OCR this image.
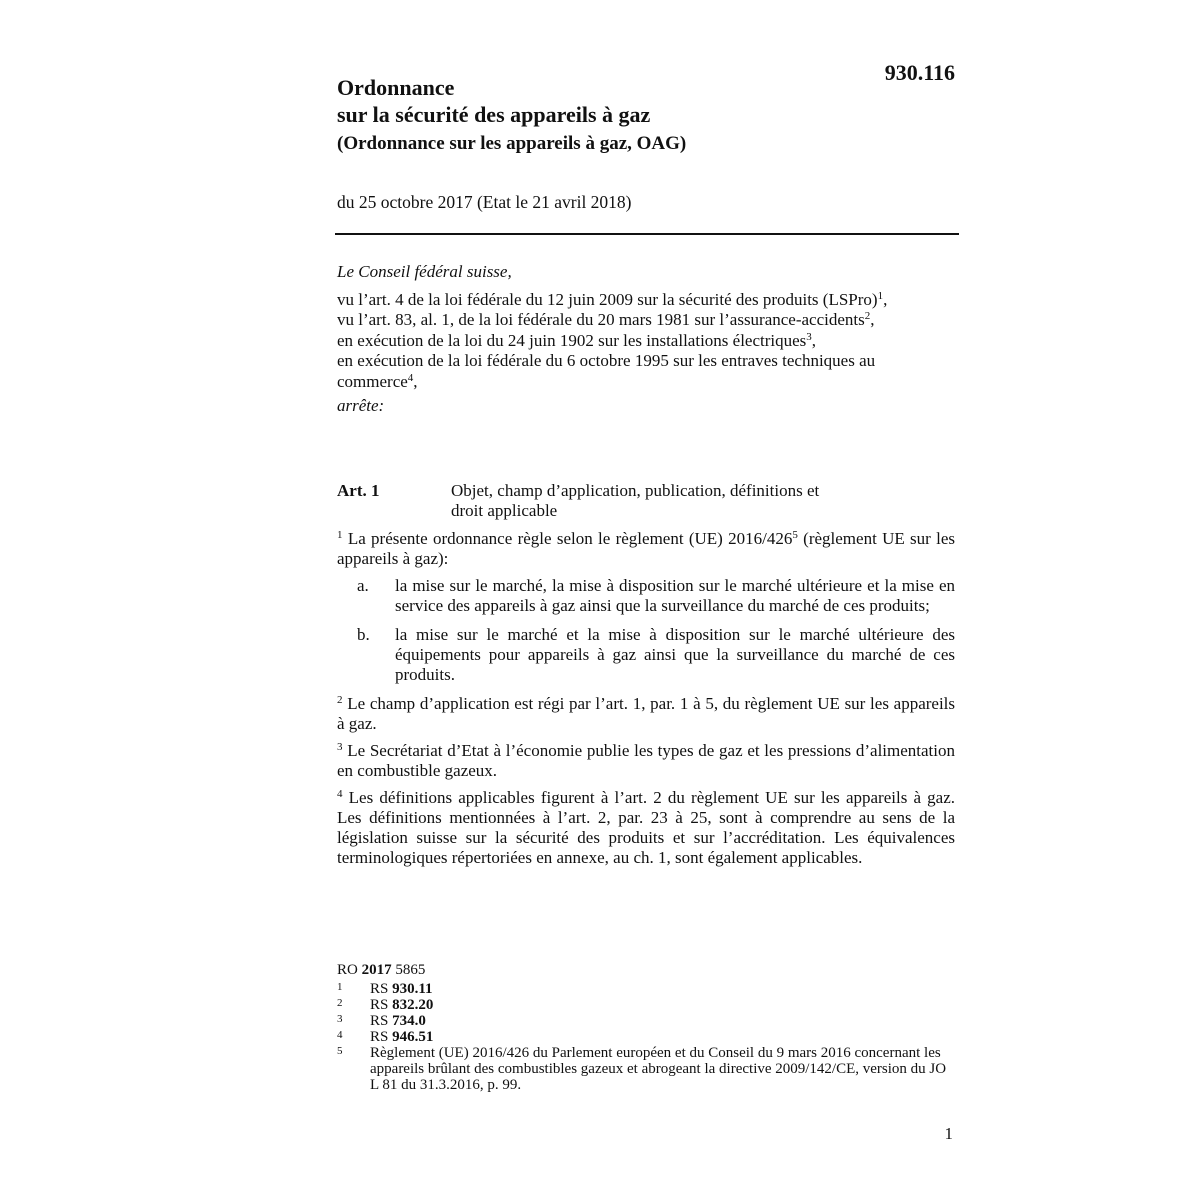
930.116
Ordonnance
sur la sécurité des appareils à gaz
(Ordonnance sur les appareils à gaz, OAG)
du 25 octobre 2017 (Etat le 21 avril 2018)
Le Conseil fédéral suisse,
vu l’art. 4 de la loi fédérale du 12 juin 2009 sur la sécurité des produits (LSPro)$^1$,
vu l’art. 83, al. 1, de la loi fédérale du 20 mars 1981 sur l’assurance-accidents$^2$,
en exécution de la loi du 24 juin 1902 sur les installations électriques$^3$,
en exécution de la loi fédérale du 6 octobre 1995 sur les entraves techniques au commerce$^4$,
arrête:
Art. 1	Objet, champ d’application, publication, définitions et
droit applicable

$^1$ La présente ordonnance règle selon le règlement (UE) $2016/426^5$ (règlement UE sur les appareils à gaz):

a. la mise sur le marché, la mise à disposition sur le marché ultérieure et la mise en service des appareils à gaz ainsi que la surveillance du marché de ces produits;
b. la mise sur le marché et la mise à disposition sur le marché ultérieure des équipements pour appareils à gaz ainsi que la surveillance du marché de ces produits.

$^2$ Le champ d’application est régi par l’art. 1, par. 1 à 5, du règlement UE sur les appareils à gaz.

$^3$ Le Secrétariat d’Etat à l’économie publie les types de gaz et les pressions d’alimentation en combustible gazeux.

$^4$ Les définitions applicables figurent à l’art. 2 du règlement UE sur les appareils à gaz. Les définitions mentionnées à l’art. 2, par. 23 à 25, sont à comprendre au sens de la législation suisse sur la sécurité des produits et sur l’accréditation. Les équivalences terminologiques répertoriées en annexe, au ch. 1, sont également applicables.

RO 2017 5865
1 RS 930.11
2 RS 832.20
3 RS 734.0
4 RS 946.51
5 Règlement (UE) 2016/426 du Parlement européen et du Conseil du 9 mars 2016 concernant les appareils brûlant des combustibles gazeux et abrogeant la directive 2009/142/CE, version du JO L 81 du 31.3.2016, p. 99.
1
